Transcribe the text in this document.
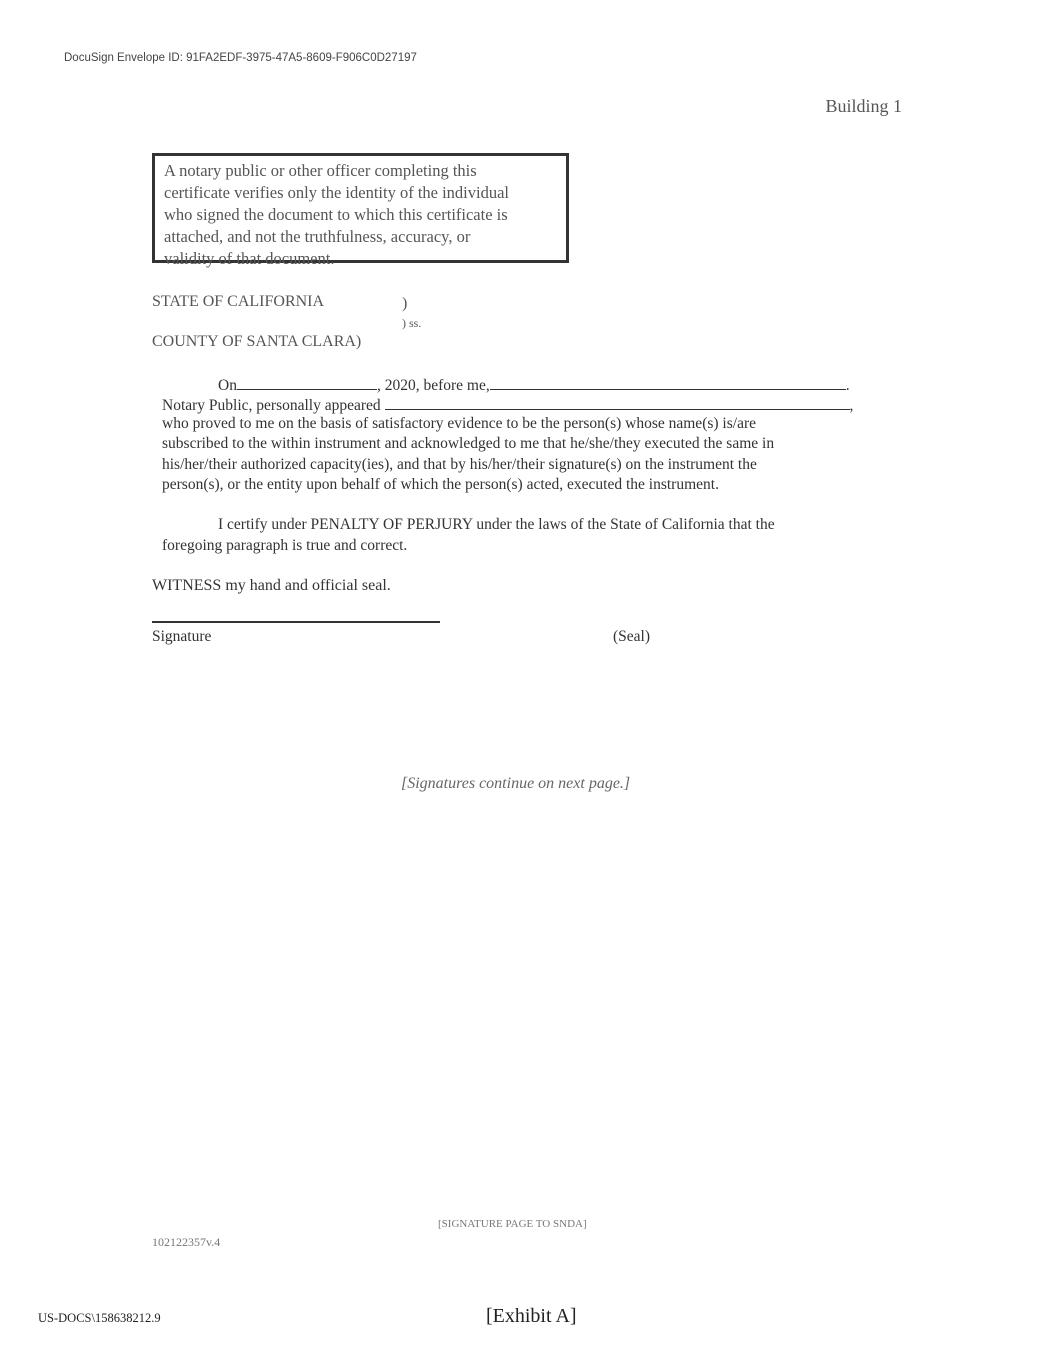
DocuSign Envelope ID: 91FA2EDF-3975-47A5-8609-F906C0D27197
Building 1
A notary public or other officer completing this
certificate verifies only the identity of the individual
who signed the document to which this certificate is
attached, and not the truthfulness, accuracy, or
validity of that document.
STATE OF CALIFORNIA	)
) ss.
COUNTY OF SANTA CLARA)
On	, 2020, before me,	.
Notary Public, personally appeared	,
who proved to me on the basis of satisfactory evidence to be the person(s) whose name(s) is/are
subscribed to the within instrument and acknowledged to me that he/she/they executed the same in
his/her/their authorized capacity(ies), and that by his/her/their signature(s) on the instrument the
person(s), or the entity upon behalf of which the person(s) acted, executed the instrument.
I certify under PENALTY OF PERJURY under the laws of the State of California that the
foregoing paragraph is true and correct.
WITNESS my hand and official seal.
Signature	(Seal)
[Signatures continue on next page.]
[SIGNATURE PAGE TO SNDA]
102122357v.4
US-DOCS\158638212.9	[Exhibit A]
